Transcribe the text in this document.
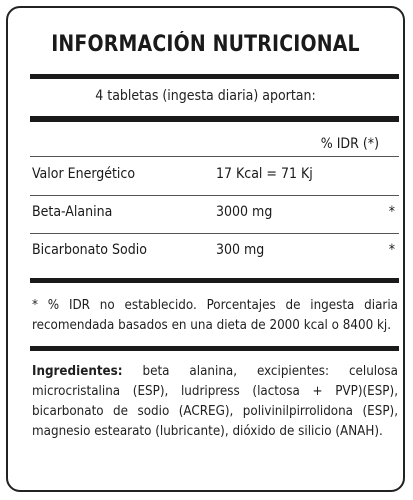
INFORMACIÓN NUTRICIONAL
4 tabletas (ingesta diaria) aportan:
% IDR (*)
Valor Energético	17 Kcal = 71 Kj
Beta-Alanina	3000 mg	*
Bicarbonato Sodio	300 mg	*
* % IDR no establecido. Porcentajes de ingesta diaria recomendada basados en una dieta de 2000 kcal o 8400 kj.
Ingredientes: beta alanina, excipientes: celulosa microcristalina (ESP), ludripress (lactosa + PVP)(ESP), bicarbonato de sodio (ACREG), polivinilpirrolidona (ESP), magnesio estearato (lubricante), dióxido de silicio (ANAH).
